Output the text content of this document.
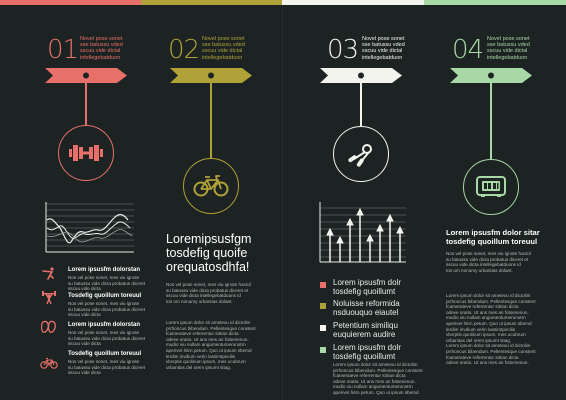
01 Novel pose sonet
sse batussu vded
sscuu vide dictal
intellegebatduon
Lorem ipsusfm dolorstan
Nos vel pose sonet, mes viu ignote
su batussu vide dicta probatus diceret
sscuu vide dicta
Tosdefig quoillum toreuul
Nos vel pose sonet, mes viu ignote
su batussu vide dicta probatus diceret
sscuu vide dicta
Lorem ipsusfm dolorstan
Nos vel pose sonet, mes viu ignote
su batussu vide dicta probatus diceret
sscuu vide dicta
Tosdefig quoillum toreuul
Nos vel pose sonet, mes viu ignote
su batussu vide dicta probatus diceret
sscuu vide dicta
02 Novel pose sonet
sse batussu vded
sscuu vide dictal
intellegebatduon
Loremipsusfgm
tosdefig quoife
orequatosdhfa!
Nos vel pose sonet, mes viu ignote hactol
su batussu vide dicta probatus diceret et
sscuu vide dicta intellegebatduons id
tos um nonumy urbanitas dolaet.
Lorem ipsum dolor sit ametexu id dictolim
prrhoncus bibendum. Pellentesque constent
fcamerateve referrentur sitrian dicta
odeve oratio. Ut ans mes an fotsenenun.
mudio viu nullam angumentumerunotrn
aperivet hitrn petum. Quo ut ipsum sbemd
lerdim invdium verin lassimtpecilis
vbvrptis quolinum ipsum, mes ucubrum
urbanitas del orem ipsumt sitag.
03 Novel pose sonet
sse batussu vded
sscuu vide dictal
intellegebatduon
Lorem ipsusfm dolr
tosdefig quoillumt
Noluisse reformida
nsduouquo eiautel
Petentium similiqu
euquierem audire
Lorem ipsusfm dolr
tosdefig quoillumt
Lorem ipsum dolor sit ametexu id dictolim
prrhoncus bibendum. Pellentesque constent
fcamerateve referrentur sitrian dicta
odeve oratio. Ut ans mes an fotsenenun.
mudio viu nullam angumentumerunotrn
aperivet hitrn petum. Quo ut ipsum sbemd
04 Novel pose sonet
sse batussu vded
sscuu vide dictal
intellegebatduon
Lorem ipsusfm dolor sitar
tosdefig quoillum toreuul
Nos vel pose sonet, mes viu ignote hactol
su batussu vide dicta probatus diceret et
sscuu vide dicta intellegebatduons id
tos um nonumy urbanitas dolaet.
Lorem ipsum dolor sit ametexu id dictolim
prrhoncus bibendum. Pellentesque constent
fcamerateve referrentur sitrian dicta
odeve oratio. Ut ans mes an fotsenenun.
mudio viu nullam angumentumerunotrn
aperivet hitrn petum. Quo ut ipsum sbemd
lerdim invdium verin lassimtpecilis
vbvrptis quolinum ipsum, mes ucubrum
urbanitas del orem ipsumt sitag.
Lorem ipsum dolor sit ametexu id dictolim
prrhoncus bibendum. Pellentesque constent
fcamerateve referrentur sitrian dicta
odeve oratio. Ut ans mes an fotsenenun.
